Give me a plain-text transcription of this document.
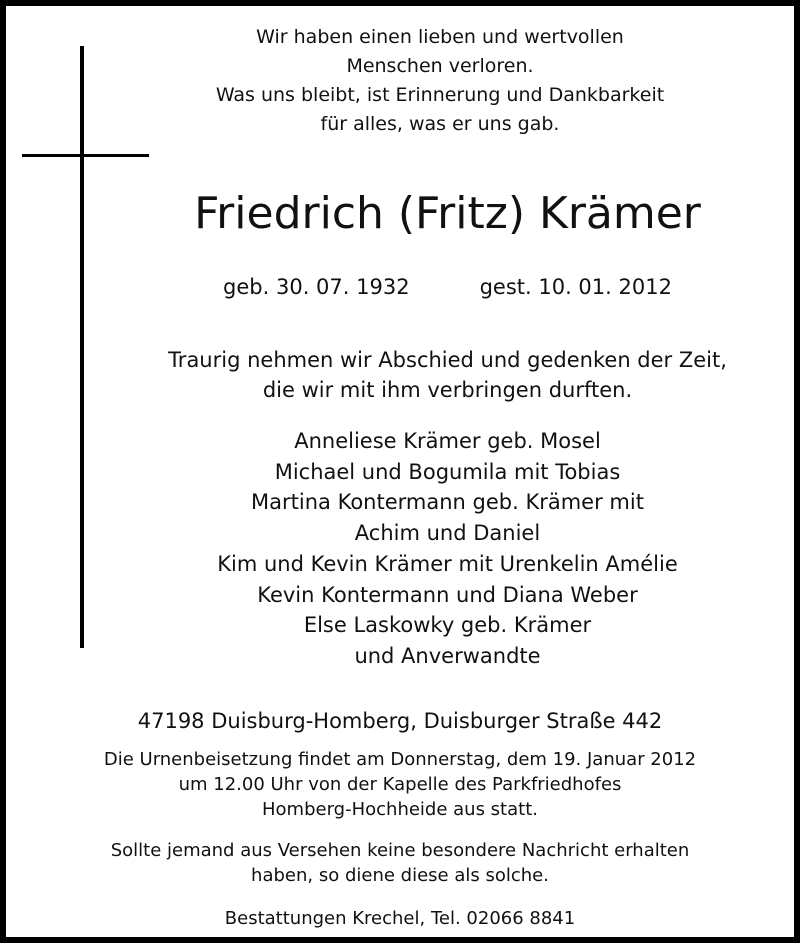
Wir haben einen lieben und wertvollen
Menschen verloren.
Was uns bleibt, ist Erinnerung und Dankbarkeit
für alles, was er uns gab.
Friedrich (Fritz) Krämer
geb. 30. 07. 1932	gest. 10. 01. 2012
Traurig nehmen wir Abschied und gedenken der Zeit,
die wir mit ihm verbringen durften.
Anneliese Krämer geb. Mosel
Michael und Bogumila mit Tobias
Martina Kontermann geb. Krämer mit
Achim und Daniel
Kim und Kevin Krämer mit Urenkelin Amélie
Kevin Kontermann und Diana Weber
Else Laskowky geb. Krämer
und Anverwandte
47198 Duisburg-Homberg, Duisburger Straße 442
Die Urnenbeisetzung findet am Donnerstag, dem 19. Januar 2012
um 12.00 Uhr von der Kapelle des Parkfriedhofes
Homberg-Hochheide aus statt.
Sollte jemand aus Versehen keine besondere Nachricht erhalten
haben, so diene diese als solche.
Bestattungen Krechel, Tel. 02066 8841
